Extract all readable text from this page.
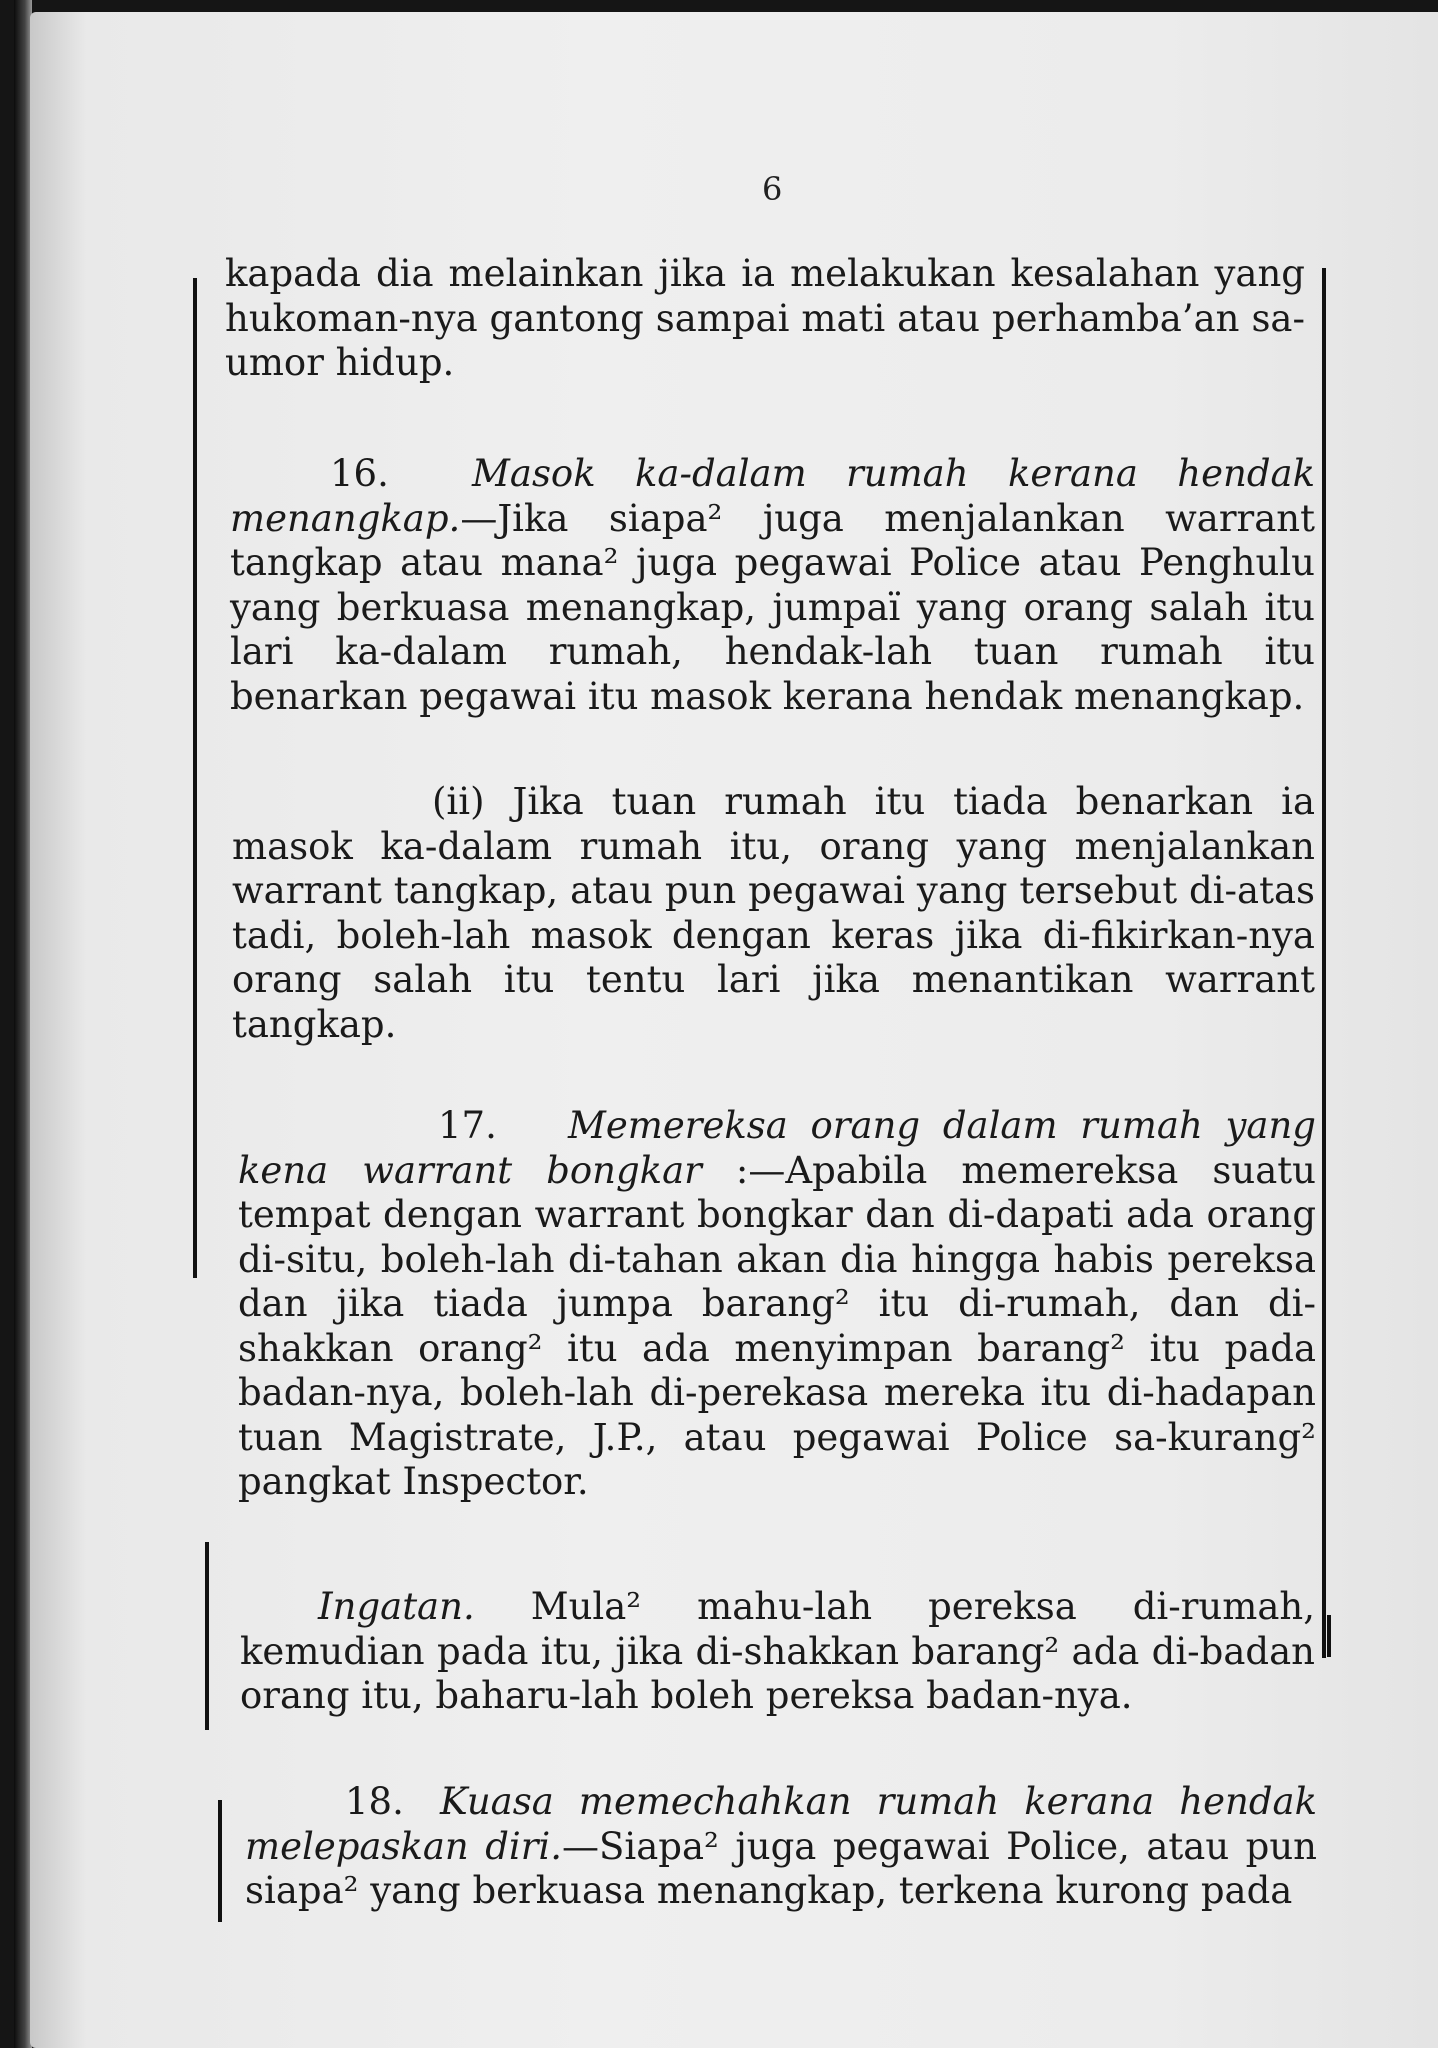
6
kapada dia melainkan jika ia melakukan kesalahan yang hukoman-nya gantong sampai mati atau perhamba’an sa-umor hidup.
16. Masok ka-dalam rumah kerana hendak menangkap.—Jika siapa² juga menjalankan warrant tangkap atau mana² juga pegawai Police atau Penghulu yang berkuasa menangkap, jumpaï yang orang salah itu lari ka-dalam rumah, hendak-lah tuan rumah itu benarkan pegawai itu masok kerana hendak menangkap.
(ii) Jika tuan rumah itu tiada benarkan ia masok ka-dalam rumah itu, orang yang menjalankan warrant tangkap, atau pun pegawai yang tersebut di-atas tadi, boleh-lah masok dengan keras jika di-fikirkan-nya orang salah itu tentu lari jika menantikan warrant tangkap.
17. Memereksa orang dalam rumah yang kena warrant bongkar :—Apabila memereksa suatu tempat dengan warrant bongkar dan di-dapati ada orang di-situ, boleh-lah di-tahan akan dia hingga habis pereksa dan jika tiada jumpa barang² itu di-rumah, dan di-shakkan orang² itu ada menyimpan barang² itu pada badan-nya, boleh-lah di-perekasa mereka itu di-hadapan tuan Magistrate, J.P., atau pegawai Police sa-kurang² pangkat Inspector.
Ingatan. Mula² mahu-lah pereksa di-rumah, kemudian pada itu, jika di-shakkan barang² ada di-badan orang itu, baharu-lah boleh pereksa badan-nya.
18. Kuasa memechahkan rumah kerana hendak melepaskan diri.—Siapa² juga pegawai Police, atau pun siapa² yang berkuasa menangkap, terkena kurong pada
